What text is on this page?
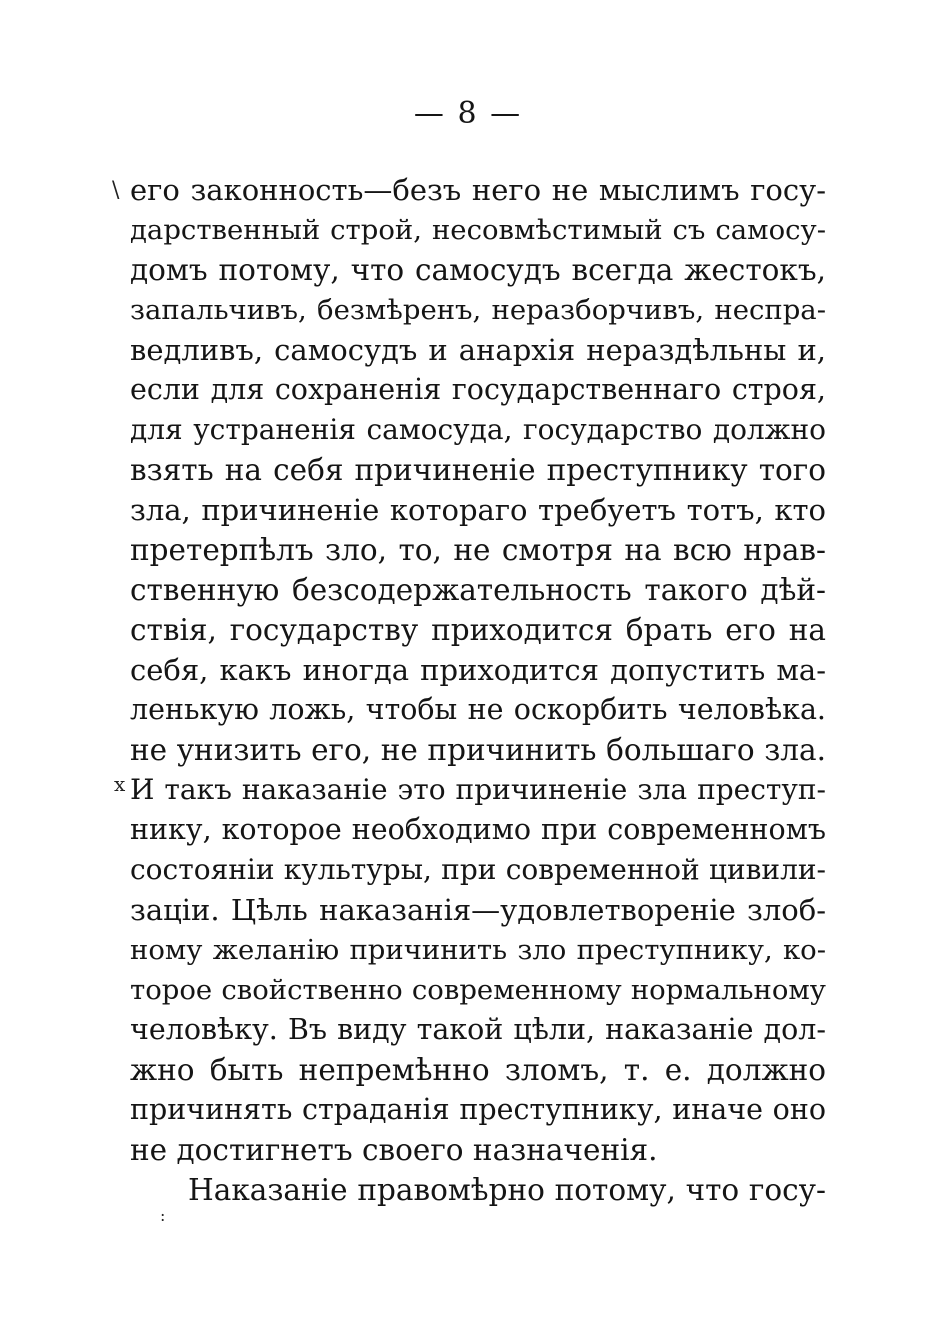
— 8 —
\
x
:
его законность—безъ него не мыслимъ госу-
дарственный строй, несовмѣстимый съ самосу-
домъ потому, что самосудъ всегда жестокъ,
запальчивъ, безмѣренъ, неразборчивъ, неспра-
ведливъ, самосудъ и анархія нераздѣльны и,
если для сохраненія государственнаго строя,
для устраненія самосуда, государство должно
взять на себя причиненіе преступнику того
зла, причиненіе котораго требуетъ тотъ, кто
претерпѣлъ зло, то, не смотря на всю нрав-
ственную безсодержательность такого дѣй-
ствія, государству приходится брать его на
себя, какъ иногда приходится допустить ма-
ленькую ложь, чтобы не оскорбить человѣка.
не унизить его, не причинить большаго зла.
И такъ наказаніе это причиненіе зла преступ-
нику, которое необходимо при современномъ
состояніи культуры, при современной цивили-
заціи. Цѣль наказанія—удовлетвореніе злоб-
ному желанію причинить зло преступнику, ко-
торое свойственно современному нормальному
человѣку. Въ виду такой цѣли, наказаніе дол-
жно быть непремѣнно зломъ, т. е. должно
причинять страданія преступнику, иначе оно
не достигнетъ своего назначенія.
Наказаніе правомѣрно потому, что госу-
